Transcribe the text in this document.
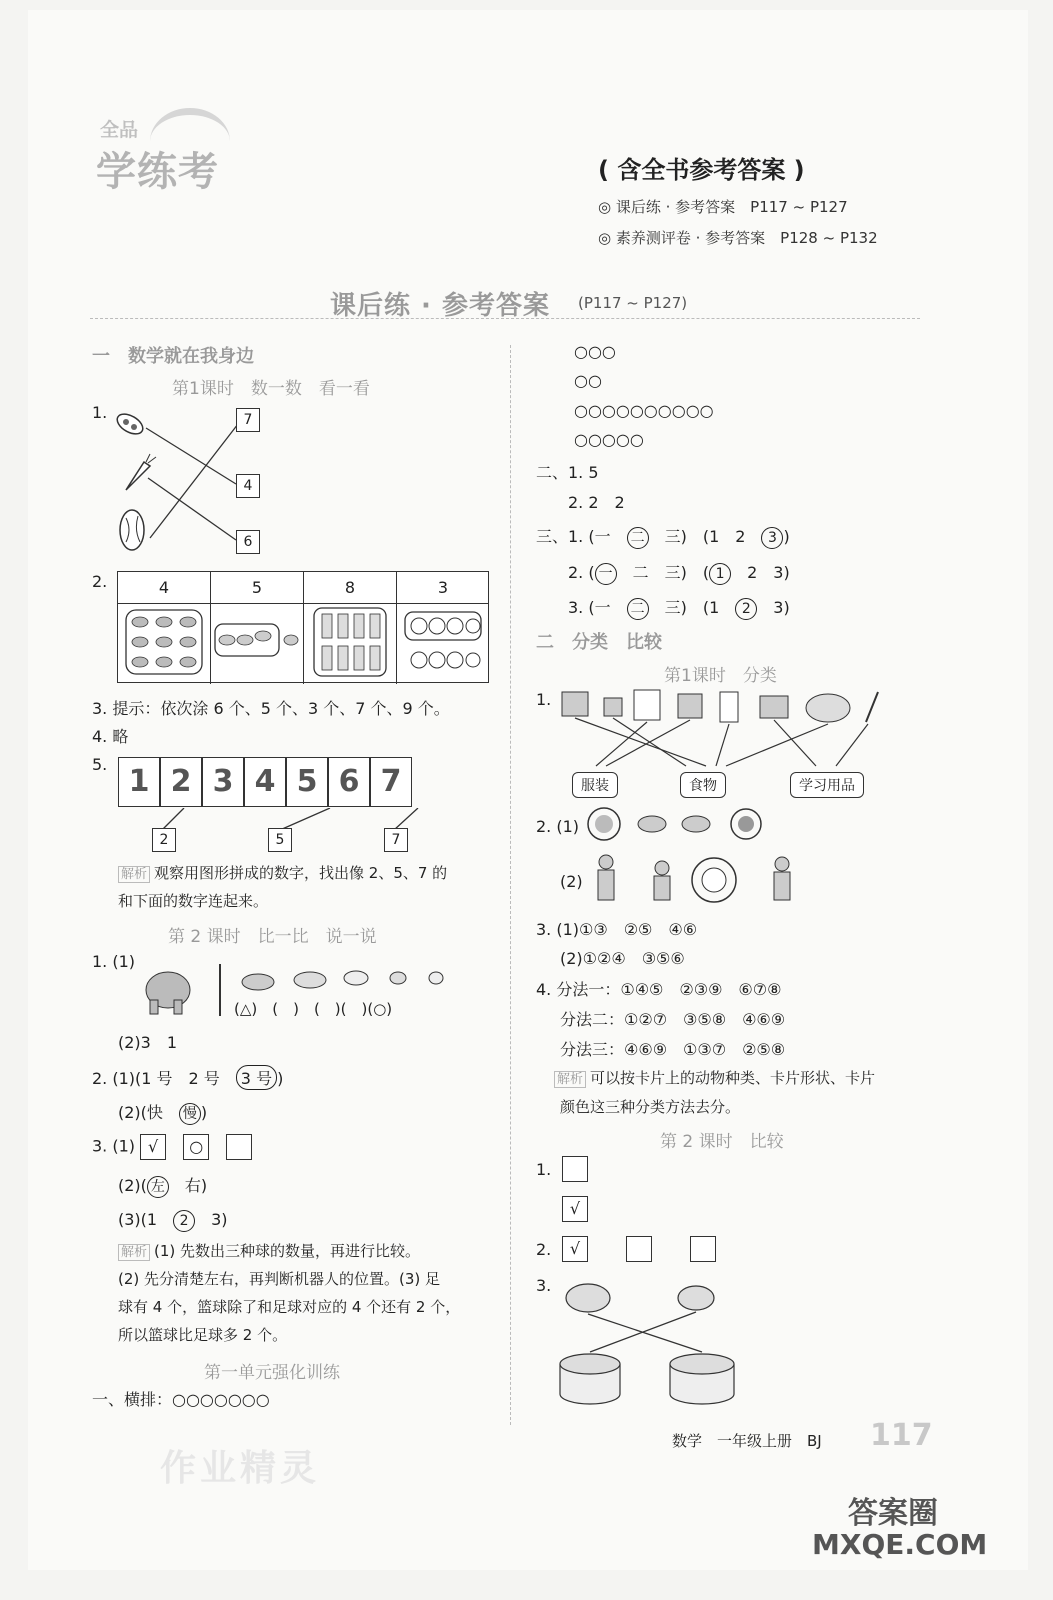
全品
学练考	( 含全书参考答案 )
◎ 课后练 · 参考答案　P117 ~ P127
◎ 素养测评卷 · 参考答案　P128 ~ P132
课后练 · 参考答案 (P117 ~ P127)
一　数学就在我身边
第1课时　数一数　看一看
1.	7
4
6
2.	4	5	8	3
3. 提示：依次涂 6 个、5 个、3 个、7 个、9 个。
4. 略
5. 1 2 3 4 5 6 7
2	5	7
解析 观察用图形拼成的数字，找出像 2、5、7 的
和下面的数字连起来。
第 2 课时　比一比　说一说
1. (1)
(△)　(　)　(　)(　)(○)
(2)3　1
2. (1)(1 号　2 号　3 号 )
(2)(快　慢 )
3. (1) √ ○
(2)( 左　右)
(3)(1　2　3)
解析 (1) 先数出三种球的数量，再进行比较。
(2) 先分清楚左右，再判断机器人的位置。(3) 足
球有 4 个，篮球除了和足球对应的 4 个还有 2 个，
所以篮球比足球多 2 个。
第一单元强化训练
一、横排：○○○○○○○
○○○
○○
○○○○○○○○○○
○○○○○
二、1. 5
2. 2　2
三、1. (一　二　三)　(1　2　3 )
2. ( 一　二　三)　( 1　2　3)
3. (一　二　三)　(1　2　3)
二　分类　比较
第1课时　分类
1.
服装	食物	学习用品
2. (1)
(2)
3. (1)①③　②⑤　④⑥
(2)①②④　③⑤⑥
4. 分法一：①④⑤　②③⑨　⑥⑦⑧
分法二：①②⑦　③⑤⑧　④⑥⑨
分法三：④⑥⑨　①③⑦　②⑤⑧
解析 可以按卡片上的动物种类、卡片形状、卡片
颜色这三种分类方法去分。
第 2 课时　比较
1.
√
2.	√
3.
数学　一年级上册　BJ 117
作业精灵
答案圈
MXQE.COM
